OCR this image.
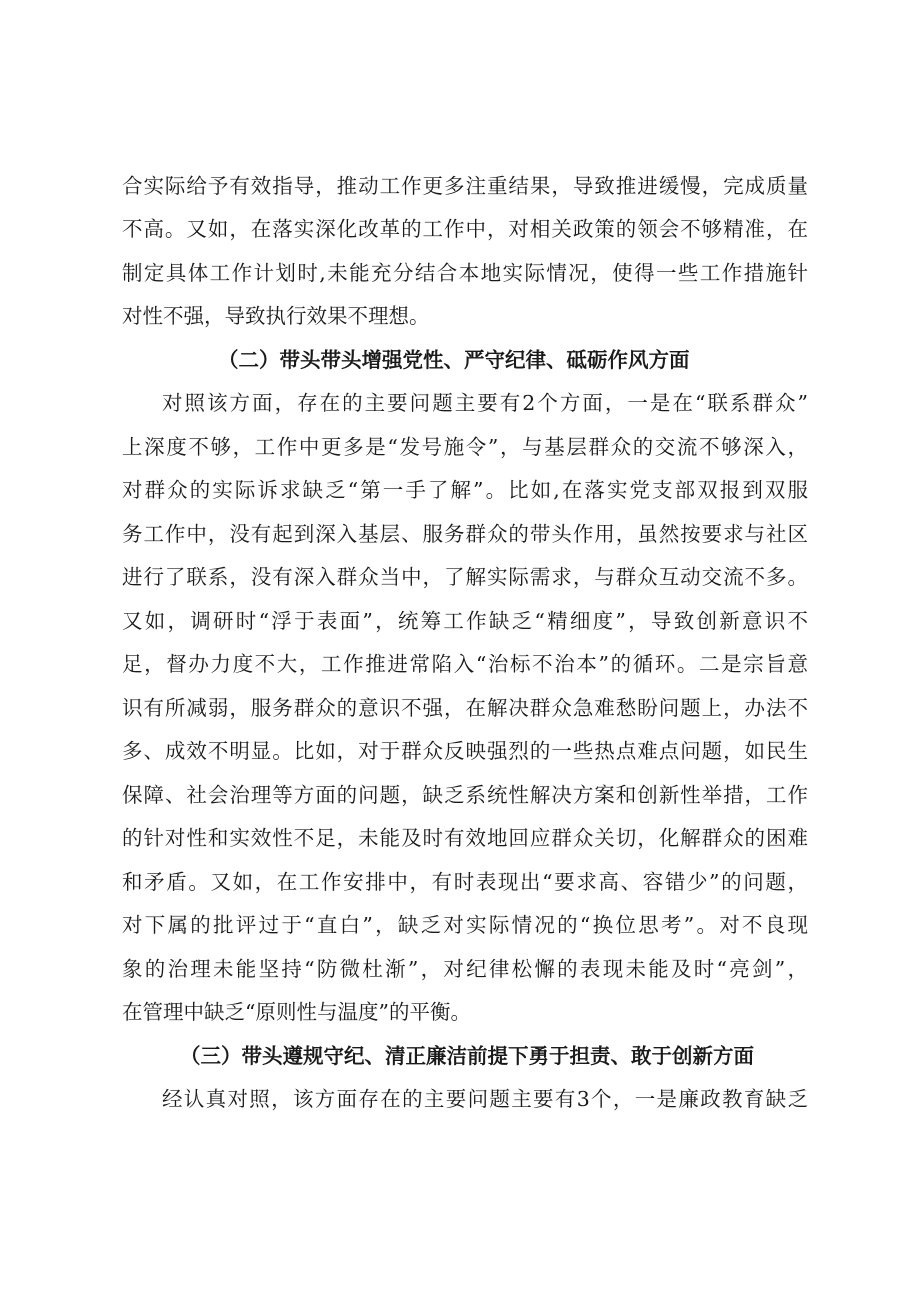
合实际给予有效指导，推动工作更多注重结果，导致推进缓慢，完成质量
不高。又如，在落实深化改革的工作中，对相关政策的领会不够精准，在
制定具体工作计划时,未能充分结合本地实际情况，使得一些工作措施针
对性不强，导致执行效果不理想。
（二）带头带头增强党性、严守纪律、砥砺作风方面
对照该方面，存在的主要问题主要有2个方面，一是在“联系群众”
上深度不够，工作中更多是“发号施令”，与基层群众的交流不够深入，
对群众的实际诉求缺乏“第一手了解”。比如,在落实党支部双报到双服
务工作中，没有起到深入基层、服务群众的带头作用，虽然按要求与社区
进行了联系，没有深入群众当中，了解实际需求，与群众互动交流不多。
又如，调研时“浮于表面”，统筹工作缺乏“精细度”，导致创新意识不
足，督办力度不大，工作推进常陷入“治标不治本”的循环。二是宗旨意
识有所减弱，服务群众的意识不强，在解决群众急难愁盼问题上，办法不
多、成效不明显。比如，对于群众反映强烈的一些热点难点问题，如民生
保障、社会治理等方面的问题，缺乏系统性解决方案和创新性举措，工作
的针对性和实效性不足，未能及时有效地回应群众关切，化解群众的困难
和矛盾。又如，在工作安排中，有时表现出“要求高、容错少”的问题，
对下属的批评过于“直白”，缺乏对实际情况的“换位思考”。对不良现
象的治理未能坚持“防微杜渐”，对纪律松懈的表现未能及时“亮剑”，
在管理中缺乏“原则性与温度”的平衡。
（三）带头遵规守纪、清正廉洁前提下勇于担责、敢于创新方面
经认真对照，该方面存在的主要问题主要有3个，一是廉政教育缺乏
